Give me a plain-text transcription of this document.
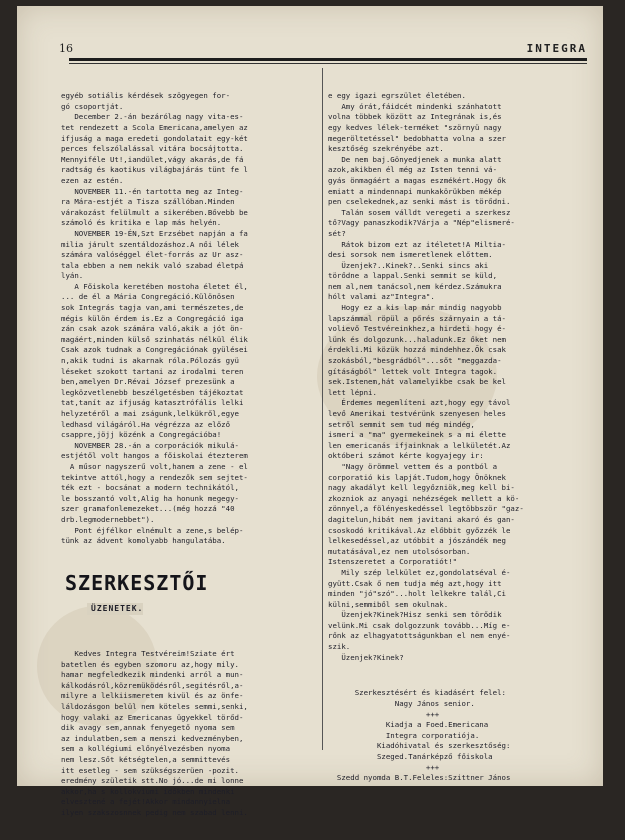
16	INTEGRA

egyéb sotiális kérdések szögyegen for-

gó csoportját.

December 2.-án bezárólag nagy vita-es-

tet rendezett a Scola Emericana,amelyen az

ifjuság a maga eredeti gondolatait egy-két

perces felszólalással vitára bocsájtotta.

Mennyiféle Ut!,iandület,vágy akarás,de fá

radtság és kaotikus világbajárás tünt fe l

ezen az estén.

NOVEMBER 11.-én tartotta meg az Integ-

ra Mára-estjét a Tisza szállóban.Minden

várakozást felülmult a sikerében.Bővebb be

számoló és kritika e lap más helyén.

NOVEMBER 19-ÉN,Szt Erzsébet napján a fa

milia járult szentáldozáshoz.A női lélek

számára valóséggel élet-forrás az Ur asz-

tala ebben a nem nekik való szabad életpá

lyán.

A Főiskola keretében mostoha életet él,

... de él a Mária Congregáció.Különösen

sok Integrás tagja van,ami természetes,de

mégis külön érdem is.Ez a Congregáció iga

zán csak azok számára való,akik a jót ön-

magáért,minden külső szinhatás nélkül élik

Csak azok tudnak a Congregációnak gyülései

n,akik tudni is akarnak róla.Pólozás gyü

léseket szokott tartani az irodalmi teren

ben,amelyen Dr.Révai József prezesünk a

legközvetlenebb beszélgetésben tájékoztat

tat,tanít az ifjuság katasztrófális lelki

helyzetéről a mai zságunk,lelkükről,egye

ledhasd világáról.Ha végrézza az előző

csappre,jöjj közénk a Congregációba!

NOVEMBER 28.-án a corporációk mikulá-

estjétől volt hangos a főiskolai étezterem

A műsor nagyszerű volt,hanem a zene - el

tekintve attól,hogy a rendezők sem sejtet-

ték ezt - bocsánat a modern technikától,

le bosszantó volt,Alig ha honunk megegy-

szer gramafonlemezeket...(még hozzá "40

drb.legmodernebbet").

Pont éjfélkor elnémult a zene,s belép-

tünk az ádvent komolyabb hangulatába.

SZERKESZTŐI

ÜZENETEK.

Kedves Integra Testvéreim!Sziate ért

batetlen és egyben szomoru az,hogy mily.

hamar megfeledkezik mindenki arról a mun-

kálkodásról,közremüködésről,segitésről,a-

milyre a lelkiismeretem kivül és az önfe-

láldozásgon belül nem köteles semmi,senki,

hogy valaki az Emericanas ügyekkel törőd-

dik avagy sem,annak fenyegető nyoma sem

az indulatben,sem a menszi kedvezményben,

sem a kollégiumi előnyélvezésben nyoma

nem lesz.Sőt kétségtelen,a semmittevés

itt esetleg - sem szükségszerüen -pozit.

eredmény születik stt.No jó...de mi lonne

akkor,ha s kollokviumi időkben mindenki

elvesztené a fejét!Akkor mindannyielna

ilyen szakszosnnek pedig nem szabad lenni.

e egy igazi egrszület életében.

Amy órát,fáidcét mindenki szánhatott

volna többek között az Integrának is,és

egy kedves lélek-terméket "szörnyü nagy

megeröltetéssel" bedobhatta volna a szer

kesztőség szekrényébe azt.

De nem baj.Gönyedjenek a munka alatt

azok,akikben él még az Isten tenni vá-

gyás önmagáért a magas eszmékért.Hogy ők

emiatt a mindennapi munkakörükben mékép

pen cselekednek,az senki mást is törődni.

Talán sosem válldt veregeti a szerkesz

tő?Vagy panaszkodik?Várja a "Nép"elismeré-

sét?

Rátok bizom ezt az itéletet!A Miltia-

desi sorsok nem ismeretlenek előttem.

Üzenjek?..Kinek?..Senki sincs aki

törődne a lappal.Senki semmit se küld,

nem al,nem tanácsol,nem kérdez.Számukra

hólt valami az"Integra".

Hogy ez a kis lap már mindig nagyobb

lapszámmal röpül a pőrés szárnyain a tá-

volievő Testvéreinkhez,a hirdeti hogy é-

lünk és dolgozunk...haladunk.Ez őket nem

érdekli.Mi közük hozzá mindehhez.Ők csak

szokásból,"besgrádból"...sőt "meggazda-

gításágból" lettek volt Integra tagok.

sek.Istenem,hát valamelyikbe csak be kel

lett lépni.

Érdemes megemlíteni azt,hogy egy távol

levő Amerikai testvérünk szenyesen heles

setről semmit sem tud még mindég,

ismeri a "ma" gyermekeinek s a mi élette

len emericanás ifjainknak a lelkületét.Az

októberi számot kérte kogyajegy ir:

"Nagy örömmel vettem és a pontból a

corporatió kis lapját.Tudom,hogy Önöknek

nagy akadályt kell legyőzniök,meg kell bi-

zkozniok az anyagi nehézségek mellett a kö-

zönnyel,a fölényeskedéssel legtöbbször "gaz-

dagitelun,hibát nem javitani akaró és gan-

csoskodó kritikával.Az előbbit győzzék le

lelkesedéssel,az utóbbit a jószándék meg

mutatásával,ez nem utolsósorban.

Istenszeretet a Corporatiót!"

Mily szép lelkület ez,gondolatséval é-

gyütt.Csak ő nem tudja még azt,hogy itt

minden "jó"szó"...holt lelkekre talál,Ci

külni,semmiből sem okulnak.

Üzenjek?Kinek?Hisz senki sem törődik

velünk.Mi csak dolgozzunk tovább...Míg e-

rőnk az elhagyatottságunkban el nem enyé-

szik.

Üzenjek?Kinek?

Szerkesztésért és kiadásért felel:

Nagy János senior.

+++

Kiadja a Foed.Emericana

Integra corporatiója.

Kiadóhivatal és szerkesztőség:

Szeged.Tanárképző főiskola

+++

Szedd nyomda B.T.Feleles:Szittner János
